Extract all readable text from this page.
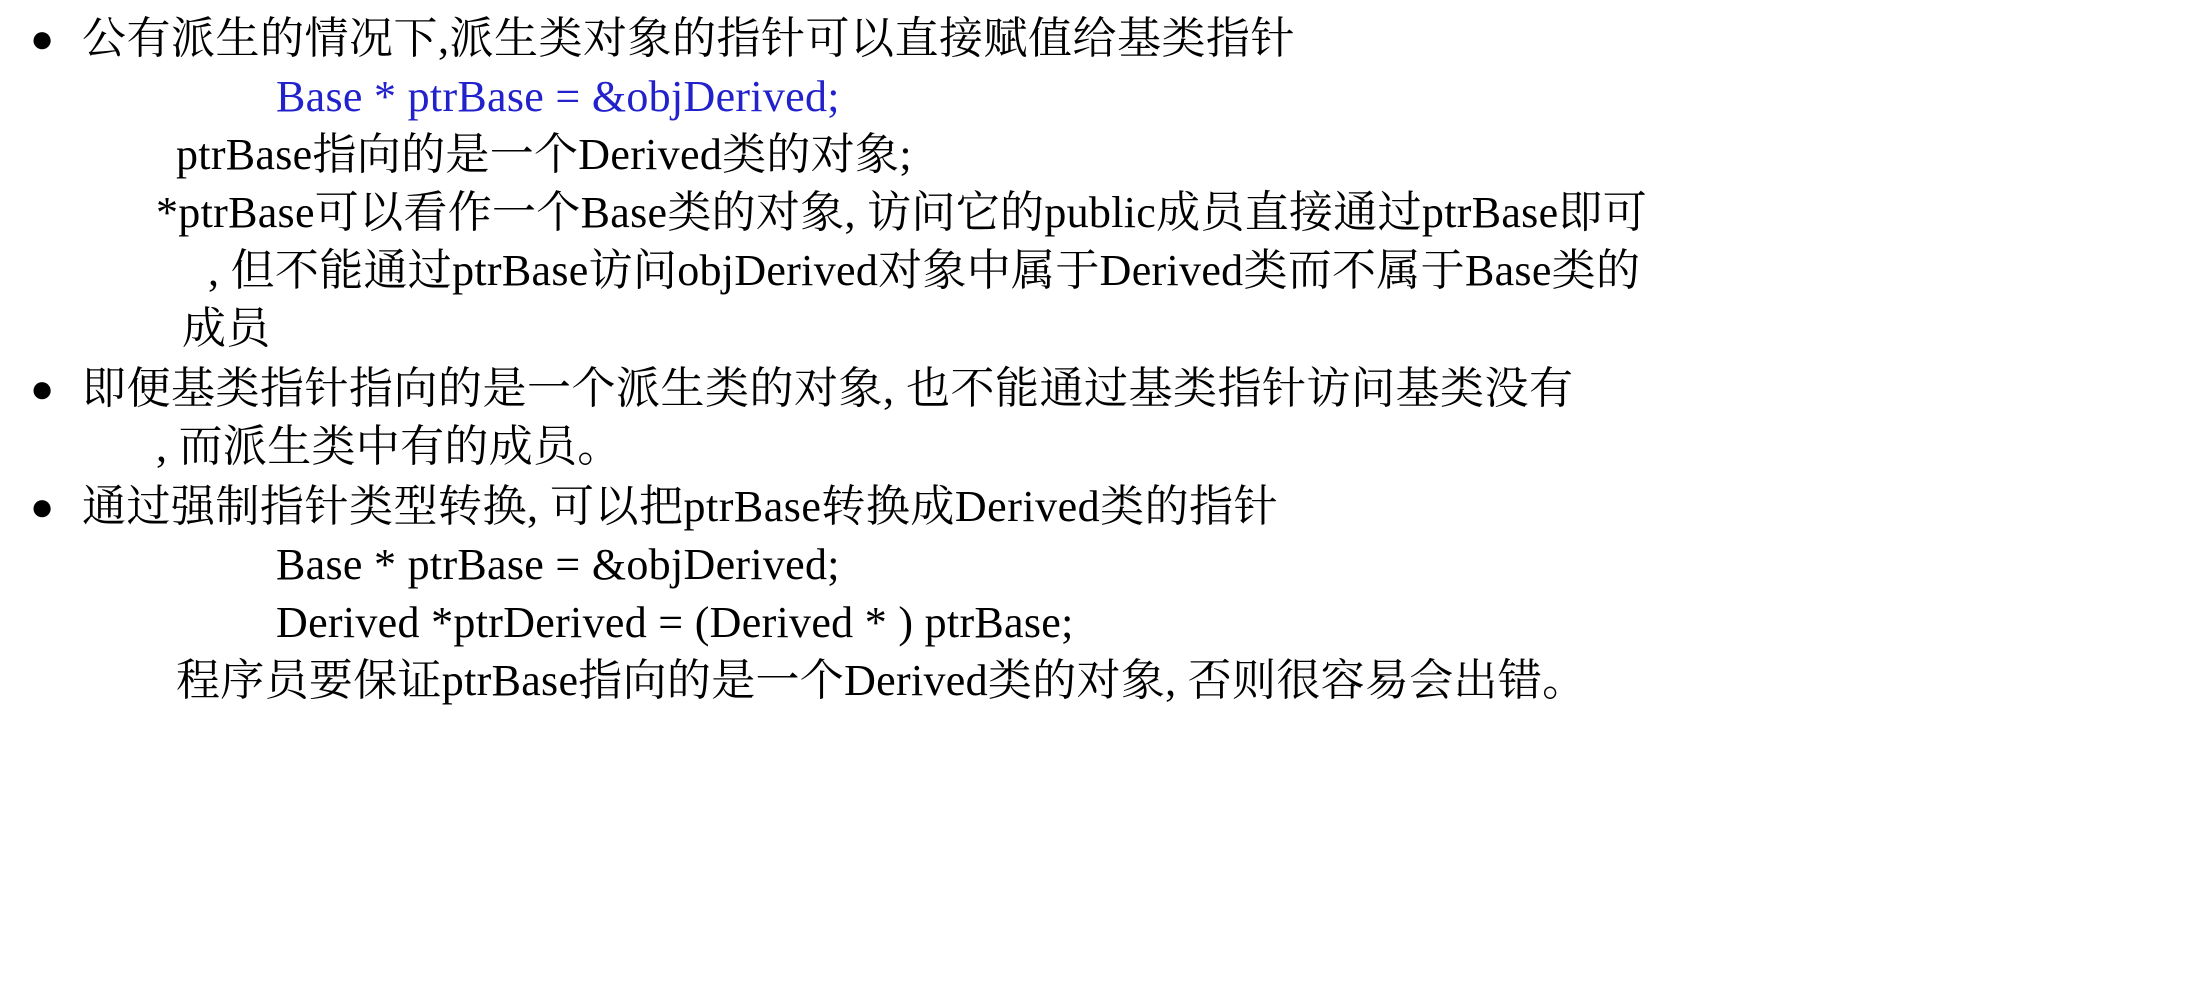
● 公有派生的情况下,派生类对象的指针可以直接赋值给基类指针
Base * ptrBase = &objDerived;
ptrBase指向的是一个Derived类的对象;
*ptrBase可以看作一个Base类的对象, 访问它的public成员直接通过ptrBase即可
, 但不能通过ptrBase访问objDerived对象中属于Derived类而不属于Base类的
成员
● 即便基类指针指向的是一个派生类的对象, 也不能通过基类指针访问基类没有
, 而派生类中有的成员。
● 通过强制指针类型转换, 可以把ptrBase转换成Derived类的指针
Base * ptrBase = &objDerived;
Derived *ptrDerived = (Derived * ) ptrBase;
程序员要保证ptrBase指向的是一个Derived类的对象, 否则很容易会出错。
